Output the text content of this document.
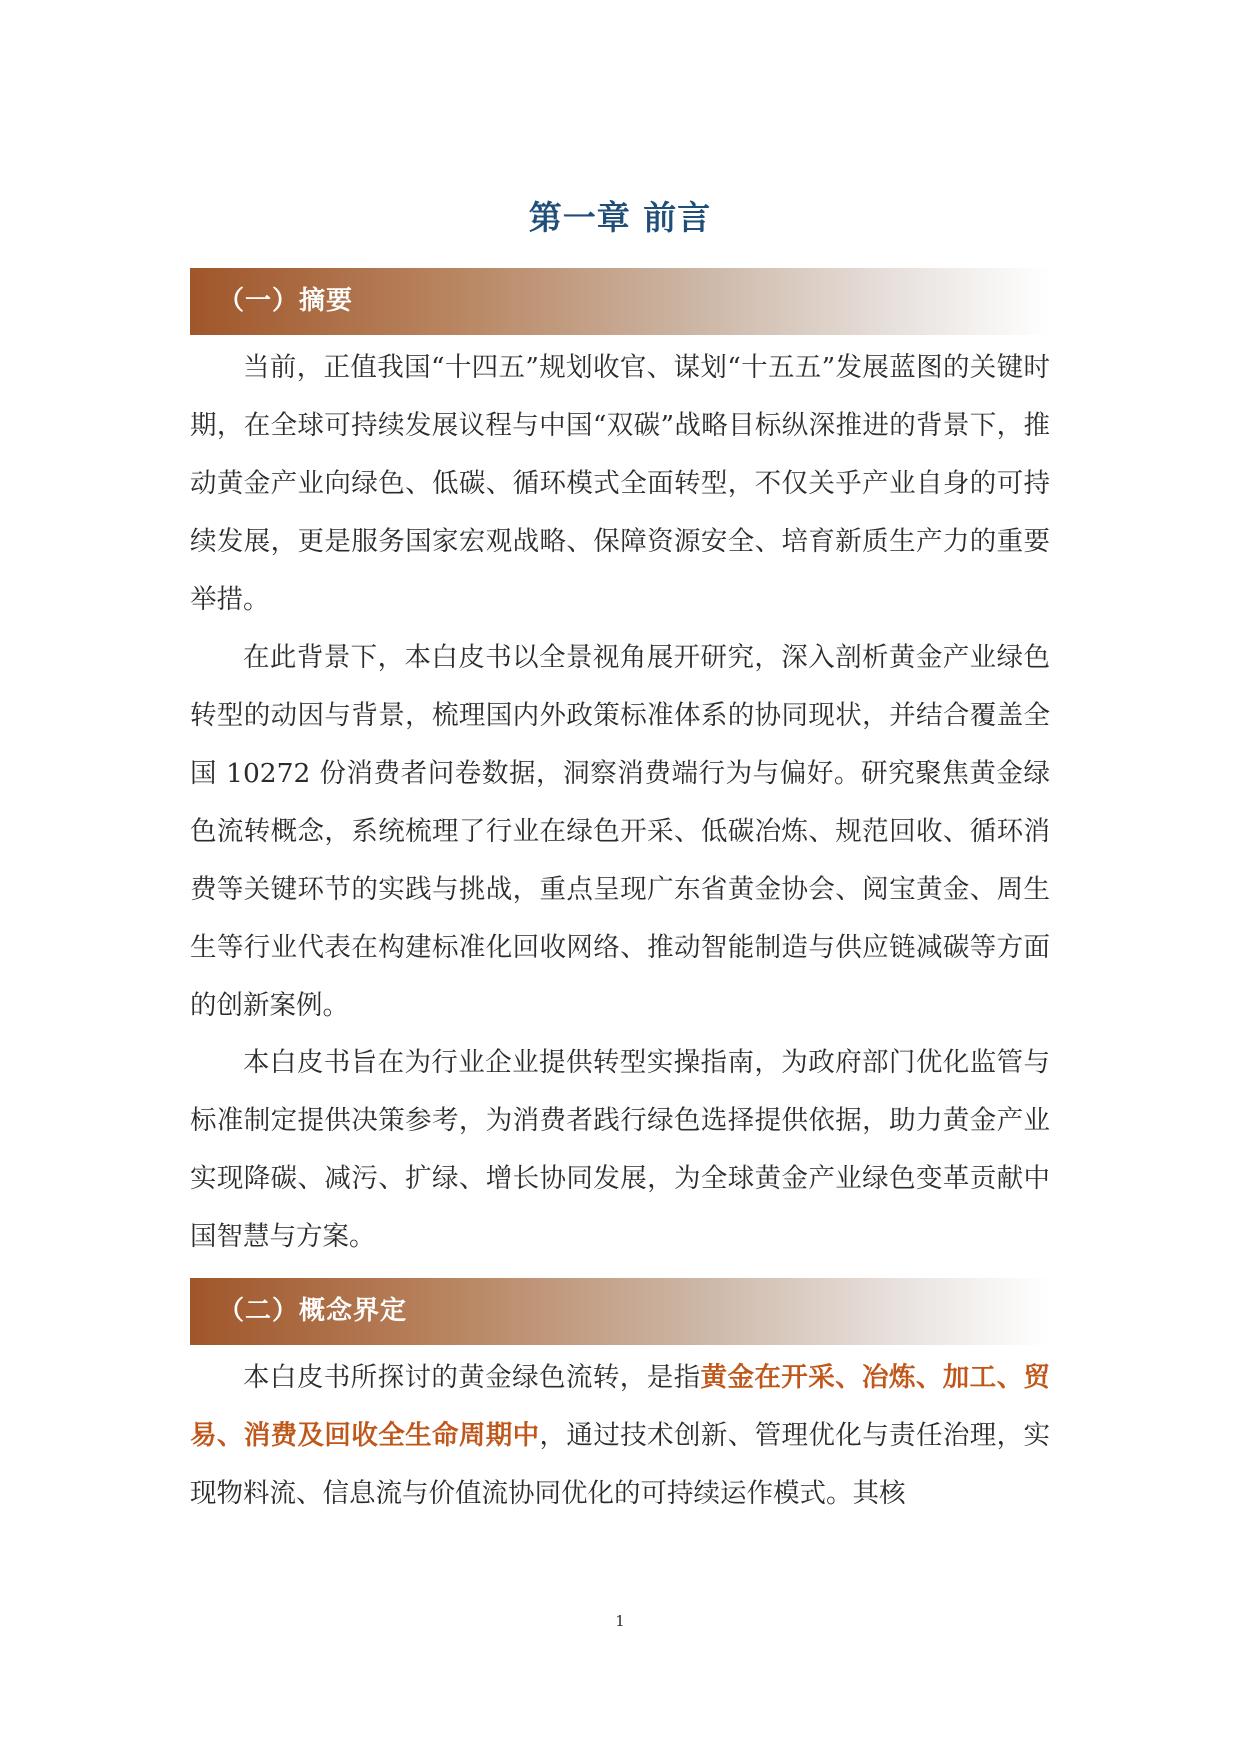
第一章 前言
（一）摘要

当前，正值我国“十四五”规划收官、谋划“十五五”发展蓝图的关键时期，在全球可持续发展议程与中国“双碳”战略目标纵深推进的背景下，推动黄金产业向绿色、低碳、循环模式全面转型，不仅关乎产业自身的可持续发展，更是服务国家宏观战略、保障资源安全、培育新质生产力的重要举措。

在此背景下，本白皮书以全景视角展开研究，深入剖析黄金产业绿色转型的动因与背景，梳理国内外政策标准体系的协同现状，并结合覆盖全国 10272 份消费者问卷数据，洞察消费端行为与偏好。研究聚焦黄金绿色流转概念，系统梳理了行业在绿色开采、低碳冶炼、规范回收、循环消费等关键环节的实践与挑战，重点呈现广东省黄金协会、阅宝黄金、周生生等行业代表在构建标准化回收网络、推动智能制造与供应链减碳等方面的创新案例。

本白皮书旨在为行业企业提供转型实操指南，为政府部门优化监管与标准制定提供决策参考，为消费者践行绿色选择提供依据，助力黄金产业实现降碳、减污、扩绿、增长协同发展，为全球黄金产业绿色变革贡献中国智慧与方案。

（二）概念界定

本白皮书所探讨的黄金绿色流转，是指黄金在开采、冶炼、加工、贸易、消费及回收全生命周期中，通过技术创新、管理优化与责任治理，实现物料流、信息流与价值流协同优化的可持续运作模式。其核

1
